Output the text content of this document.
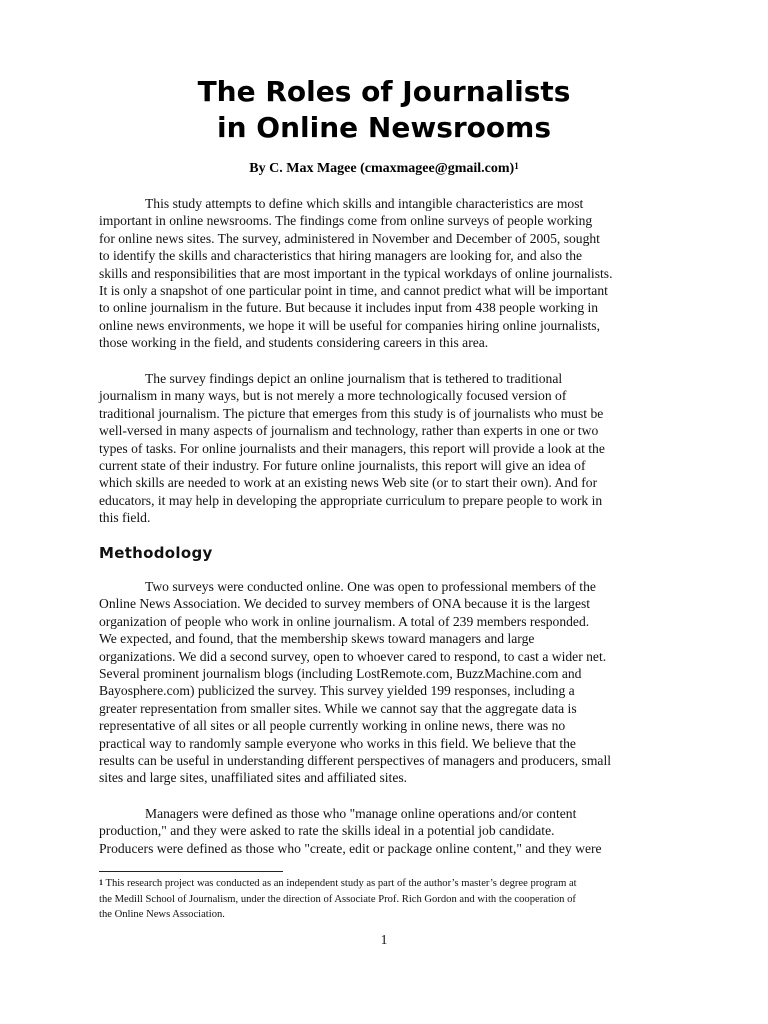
The Roles of Journalists
in Online Newsrooms
By C. Max Magee (cmaxmagee@gmail.com)$^1$

This study attempts to define which skills and intangible characteristics are most
important in online newsrooms. The findings come from online surveys of people working
for online news sites. The survey, administered in November and December of 2005, sought
to identify the skills and characteristics that hiring managers are looking for, and also the
skills and responsibilities that are most important in the typical workdays of online journalists.
It is only a snapshot of one particular point in time, and cannot predict what will be important
to online journalism in the future. But because it includes input from 438 people working in
online news environments, we hope it will be useful for companies hiring online journalists,
those working in the field, and students considering careers in this area.

The survey findings depict an online journalism that is tethered to traditional
journalism in many ways, but is not merely a more technologically focused version of
traditional journalism. The picture that emerges from this study is of journalists who must be
well-versed in many aspects of journalism and technology, rather than experts in one or two
types of tasks. For online journalists and their managers, this report will provide a look at the
current state of their industry. For future online journalists, this report will give an idea of
which skills are needed to work at an existing news Web site (or to start their own). And for
educators, it may help in developing the appropriate curriculum to prepare people to work in
this field.

Methodology

Two surveys were conducted online. One was open to professional members of the
Online News Association. We decided to survey members of ONA because it is the largest
organization of people who work in online journalism. A total of 239 members responded.
We expected, and found, that the membership skews toward managers and large
organizations. We did a second survey, open to whoever cared to respond, to cast a wider net.
Several prominent journalism blogs (including LostRemote.com, BuzzMachine.com and
Bayosphere.com) publicized the survey. This survey yielded 199 responses, including a
greater representation from smaller sites. While we cannot say that the aggregate data is
representative of all sites or all people currently working in online news, there was no
practical way to randomly sample everyone who works in this field. We believe that the
results can be useful in understanding different perspectives of managers and producers, small
sites and large sites, unaffiliated sites and affiliated sites.

Managers were defined as those who "manage online operations and/or content
production," and they were asked to rate the skills ideal in a potential job candidate.
Producers were defined as those who "create, edit or package online content," and they were

$^1$ This research project was conducted as an independent study as part of the author’s master’s degree program at
the Medill School of Journalism, under the direction of Associate Prof. Rich Gordon and with the cooperation of
the Online News Association.
1
